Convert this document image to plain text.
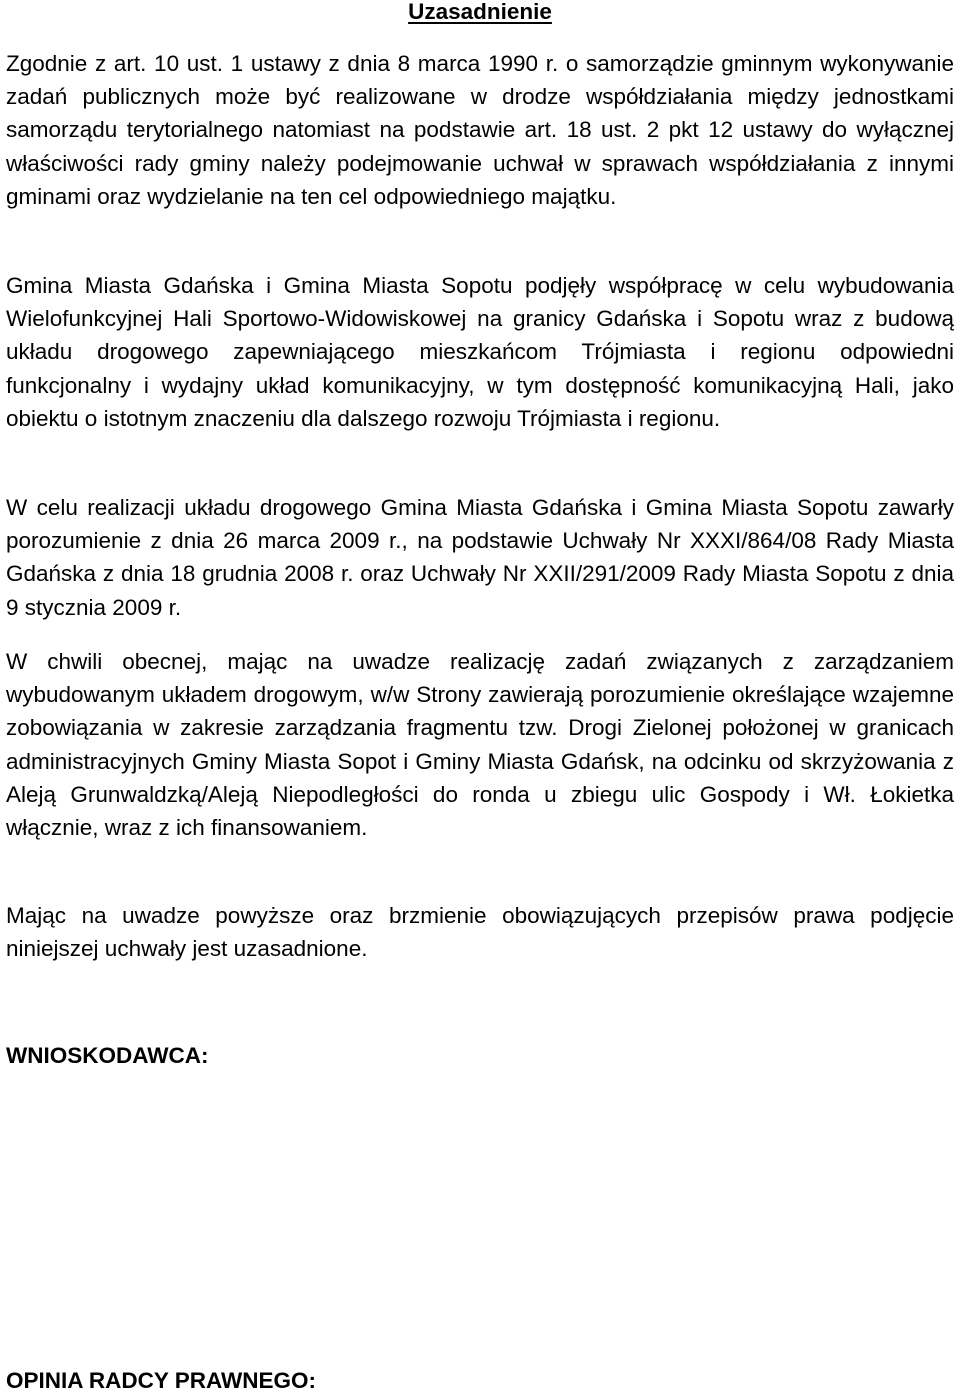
Uzasadnienie

Zgodnie z art. 10 ust. 1 ustawy z dnia 8 marca 1990 r. o samorządzie gminnym wykonywanie zadań publicznych może być realizowane w drodze współdziałania między jednostkami samorządu terytorialnego natomiast na podstawie art. 18 ust. 2 pkt 12 ustawy do wyłącznej właściwości rady gminy należy podejmowanie uchwał w sprawach współdziałania z innymi gminami oraz wydzielanie na ten cel odpowiedniego majątku.

Gmina Miasta Gdańska i Gmina Miasta Sopotu podjęły współpracę w celu wybudowania Wielofunkcyjnej Hali Sportowo-Widowiskowej na granicy Gdańska i Sopotu wraz z budową układu drogowego zapewniającego mieszkańcom Trójmiasta i regionu odpowiedni funkcjonalny i wydajny układ komunikacyjny, w tym dostępność komunikacyjną Hali, jako obiektu o istotnym znaczeniu dla dalszego rozwoju Trójmiasta i regionu.

W celu realizacji układu drogowego Gmina Miasta Gdańska i Gmina Miasta Sopotu zawarły porozumienie z dnia 26 marca 2009 r., na podstawie Uchwały Nr XXXI/864/08 Rady Miasta Gdańska z dnia 18 grudnia 2008 r. oraz Uchwały Nr XXII/291/2009 Rady Miasta Sopotu z dnia 9 stycznia 2009 r.

W chwili obecnej, mając na uwadze realizację zadań związanych z zarządzaniem wybudowanym układem drogowym, w/w Strony zawierają porozumienie określające wzajemne zobowiązania w zakresie zarządzania fragmentu tzw. Drogi Zielonej położonej w granicach administracyjnych Gminy Miasta Sopot i Gminy Miasta Gdańsk, na odcinku od skrzyżowania z Aleją Grunwaldzką/Aleją Niepodległości do ronda u zbiegu ulic Gospody i Wł. Łokietka włącznie, wraz z ich finansowaniem.

Mając na uwadze powyższe oraz brzmienie obowiązujących przepisów prawa podjęcie niniejszej uchwały jest uzasadnione.

WNIOSKODAWCA:

OPINIA RADCY PRAWNEGO:
